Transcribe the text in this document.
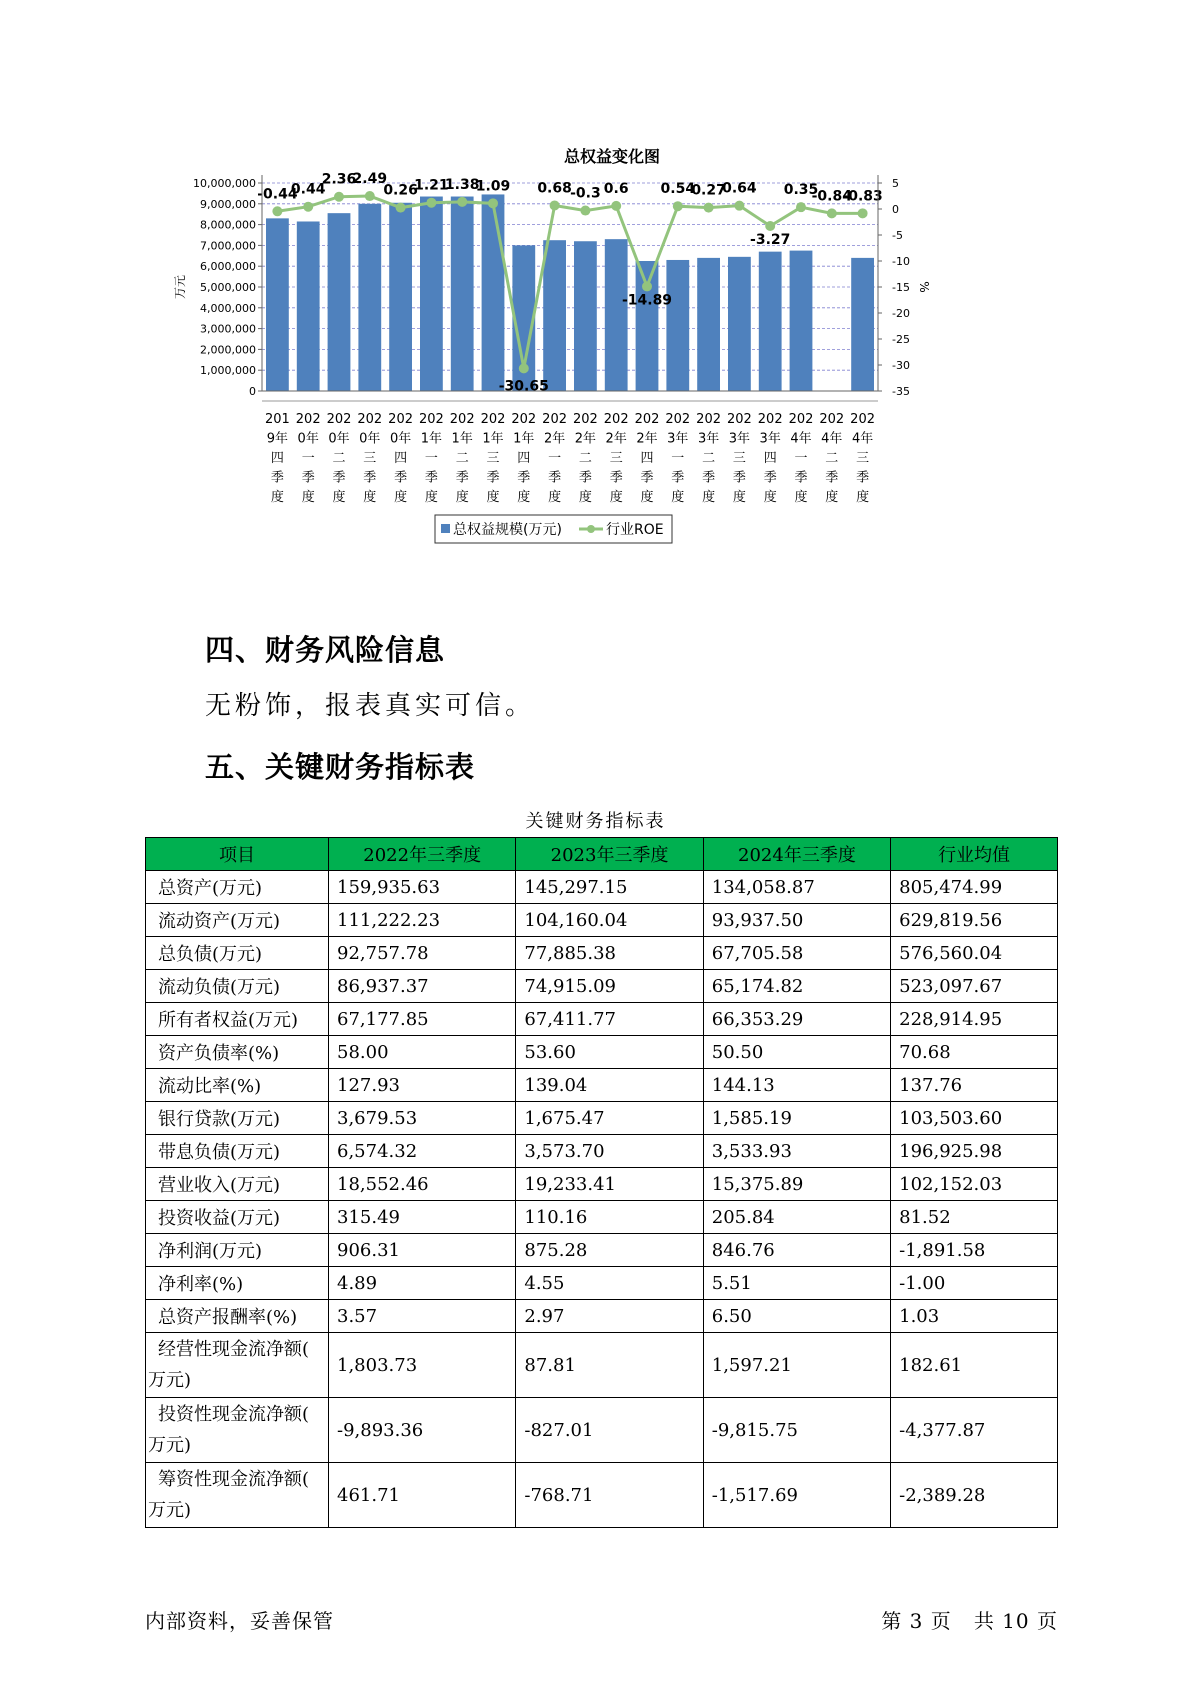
总权益变化图
-0.44
0.44
2.36
2.49
0.26
1.21
1.38
1.09
-30.65
0.68
-0.3 0.6
-14.89
0.54
0.27
0.64
-3.27
0.35
-0.84
-0.83
0
1,000,000
2,000,000
3,000,000
4,000,000
5,000,000
6,000,000
7,000,000
8,000,000
9,000,000
10,000,000	5
0
-5
-10
-15
-20
-25
-30
-35
万元	%
201
9年
四
季
度
202
0年
一
季
度
202
0年
二
季
度
202
0年
三
季
度
202
0年
四
季
度
202
1年
一
季
度
202
1年
二
季
度
202
1年
三
季
度
202
1年
四
季
度
202
2年
一
季
度
202
2年
二
季
度
202
2年
三
季
度
202
2年
四
季
度
202
3年
一
季
度
202
3年
二
季
度
202
3年
三
季
度
202
3年
四
季
度
202
4年
一
季
度
202
4年
二
季
度
202
4年
三
季
度
总权益规模(万元)	行业ROE
四、财务风险信息
无粉饰，报表真实可信。
五、关键财务指标表
关键财务指标表
项目	2022年三季度	2023年三季度	2024年三季度	行业均值
总资产(万元)	159,935.63	145,297.15	134,058.87	805,474.99
流动资产(万元)	111,222.23	104,160.04	93,937.50	629,819.56
总负债(万元)	92,757.78	77,885.38	67,705.58	576,560.04
流动负债(万元)	86,937.37	74,915.09	65,174.82	523,097.67
所有者权益(万元)	67,177.85	67,411.77	66,353.29	228,914.95
资产负债率(%)	58.00	53.60	50.50	70.68
流动比率(%)	127.93	139.04	144.13	137.76
银行贷款(万元)	3,679.53	1,675.47	1,585.19	103,503.60
带息负债(万元)	6,574.32	3,573.70	3,533.93	196,925.98
营业收入(万元)	18,552.46	19,233.41	15,375.89	102,152.03
投资收益(万元)	315.49	110.16	205.84	81.52
净利润(万元)	906.31	875.28	846.76	-1,891.58
净利率(%)	4.89	4.55	5.51	-1.00
总资产报酬率(%)	3.57	2.97	6.50	1.03

经营性现金流净额(
万元)	1,803.73	87.81	1,597.21	182.61

投资性现金流净额(
万元)	-9,893.36	-827.01	-9,815.75	-4,377.87

筹资性现金流净额(
万元)	461.71	-768.71	-1,517.69	-2,389.28
内部资料，妥善保管	第 3 页   共 10 页
